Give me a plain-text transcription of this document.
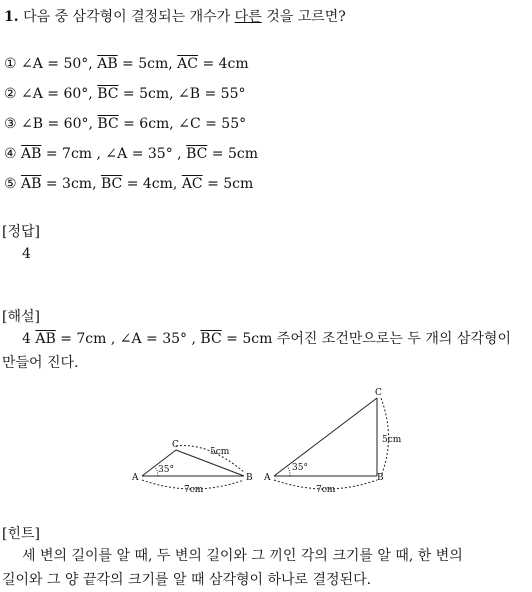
1. 다음 중 삼각형이 결정되는 개수가 다른 것을 고르면?
① ∠A = 50°, $\overline{AB} = 5cm$, $\overline{AC} = 4cm$
② ∠A = 60°, $\overline{BC} = 5cm$, ∠B = 55°
③ ∠B = 60°, $\overline{BC} = 6cm$, ∠C = 55°
④ $\overline{AB} = 7cm$ , ∠A = 35° , $\overline{BC} = 5cm$
⑤ $\overline{AB} = 3cm$, $\overline{BC} = 4cm$, $\overline{AC} = 5cm$
[정답]
4
[해설]
4 $\overline{AB} = 7cm$ , ∠A = 35° , $\overline{BC} = 5cm$ 주어진 조건만으로는 두 개의 삼각형이
만들어 진다.
A
C
B
5cm
7cm
35°
A
C
B
5cm
7cm
35°
[힌트]
세 변의 길이를 알 때, 두 변의 길이와 그 끼인 각의 크기를 알 때, 한 변의
길이와 그 양 끝각의 크기를 알 때 삼각형이 하나로 결정된다.
